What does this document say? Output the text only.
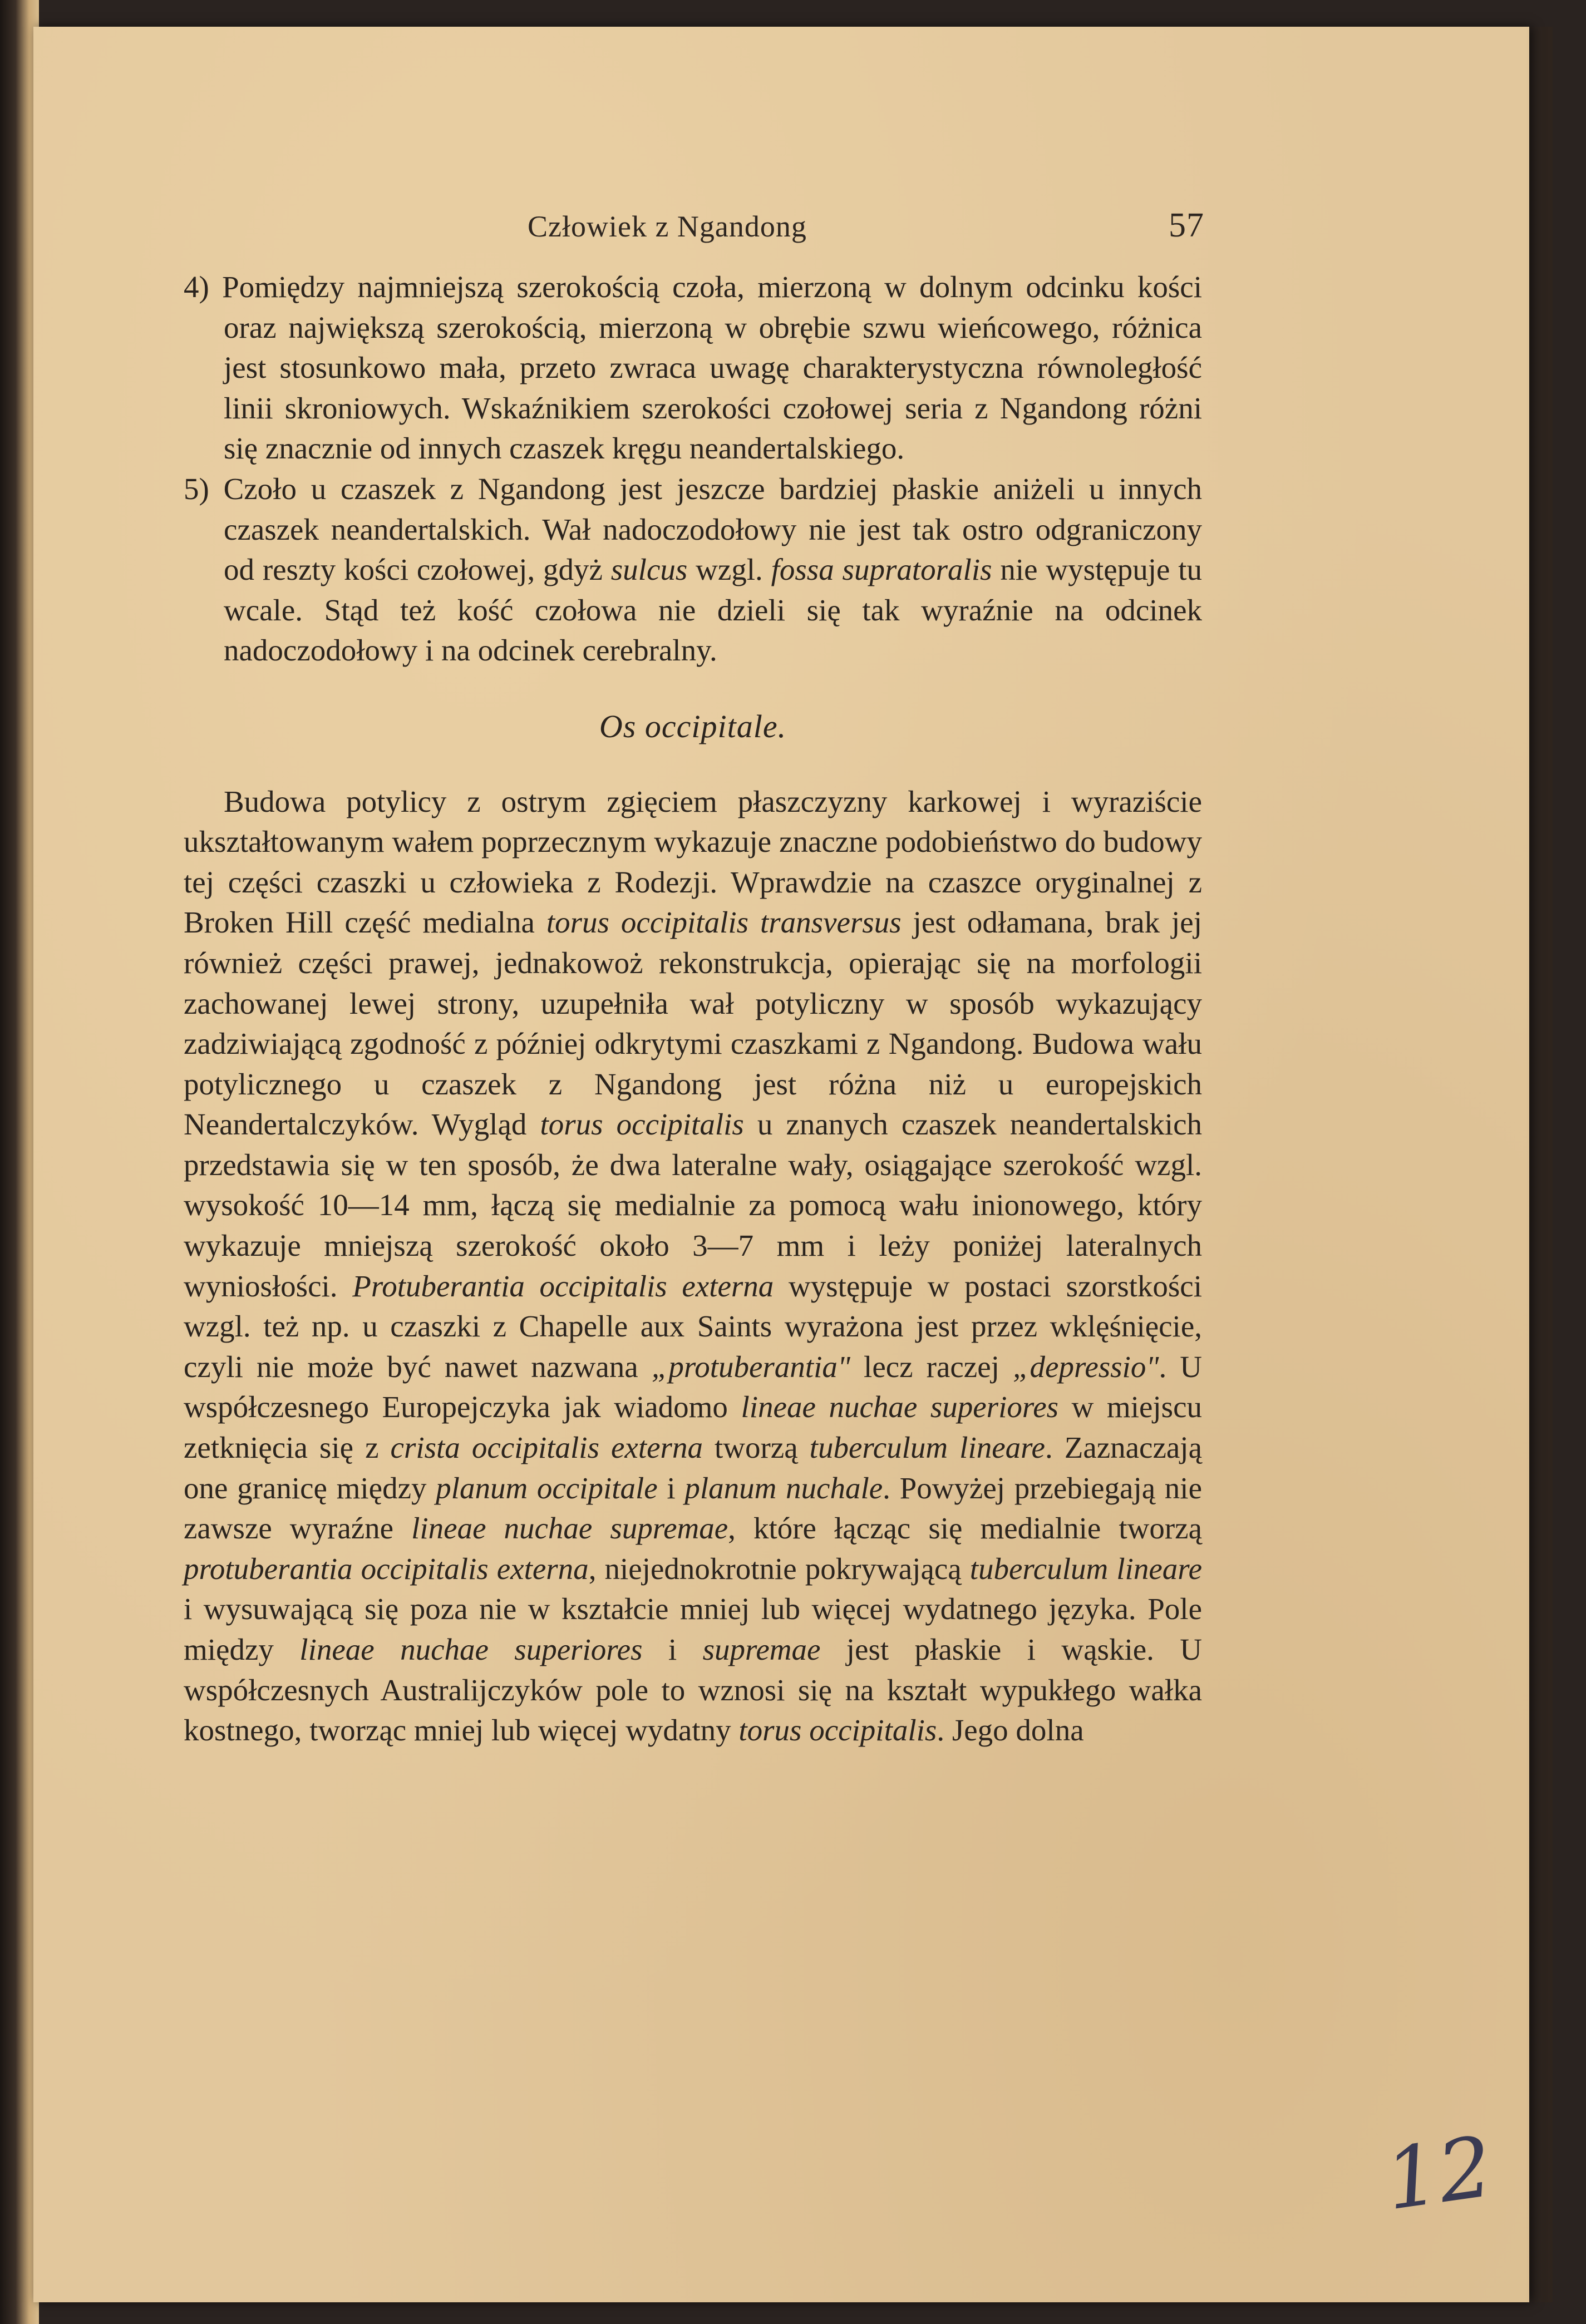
Człowiek z Ngandong	57

4) Pomiędzy najmniejszą szerokością czoła, mierzoną w dolnym odcinku kości oraz największą szerokością, mierzoną w obrębie szwu wieńcowego, różnica jest stosunkowo mała, przeto zwraca uwagę charakterystyczna równoległość linii skroniowych. Wskaźnikiem szerokości czołowej seria z Ngandong różni się znacznie od innych czaszek kręgu neandertalskiego.

5) Czoło u czaszek z Ngandong jest jeszcze bardziej płaskie aniżeli u innych czaszek neandertalskich. Wał nadoczodołowy nie jest tak ostro odgraniczony od reszty kości czołowej, gdyż sulcus wzgl. fossa supratoralis nie występuje tu wcale. Stąd też kość czołowa nie dzieli się tak wyraźnie na odcinek nadoczodołowy i na odcinek cerebralny.

Os occipitale.

Budowa potylicy z ostrym zgięciem płaszczyzny karkowej i wyraziście ukształtowanym wałem poprzecznym wykazuje znaczne podobieństwo do budowy tej części czaszki u człowieka z Rodezji. Wprawdzie na czaszce oryginalnej z Broken Hill część medialna torus occipitalis transversus jest odłamana, brak jej również części prawej, jednakowoż rekonstrukcja, opierając się na morfologii zachowanej lewej strony, uzupełniła wał potyliczny w sposób wykazujący zadziwiającą zgodność z później odkrytymi czaszkami z Ngandong. Budowa wału potylicznego u czaszek z Ngandong jest różna niż u europejskich Neandertalczyków. Wygląd torus occipitalis u znanych czaszek neandertalskich przedstawia się w ten sposób, że dwa lateralne wały, osiągające szerokość wzgl. wysokość 10—14 mm, łączą się medialnie za pomocą wału inionowego, który wykazuje mniejszą szerokość około 3—7 mm i leży poniżej lateralnych wyniosłości. Protuberantia occipitalis externa występuje w postaci szorstkości wzgl. też np. u czaszki z Chapelle aux Saints wyrażona jest przez wklęśnięcie, czyli nie może być nawet nazwana „protuberantia" lecz raczej „depressio". U współczesnego Europejczyka jak wiadomo lineae nuchae superiores w miejscu zetknięcia się z crista occipitalis externa tworzą tuberculum lineare. Zaznaczają one granicę między planum occipitale i planum nuchale. Powyżej przebiegają nie zawsze wyraźne lineae nuchae supremae, które łącząc się medialnie tworzą protuberantia occipitalis externa, niejednokrotnie pokrywającą tuberculum lineare i wysuwającą się poza nie w kształcie mniej lub więcej wydatnego języka. Pole między lineae nuchae superiores i supremae jest płaskie i wąskie. U współczesnych Australijczyków pole to wznosi się na kształt wypukłego wałka kostnego, tworząc mniej lub więcej wydatny torus occipitalis. Jego dolna

12
